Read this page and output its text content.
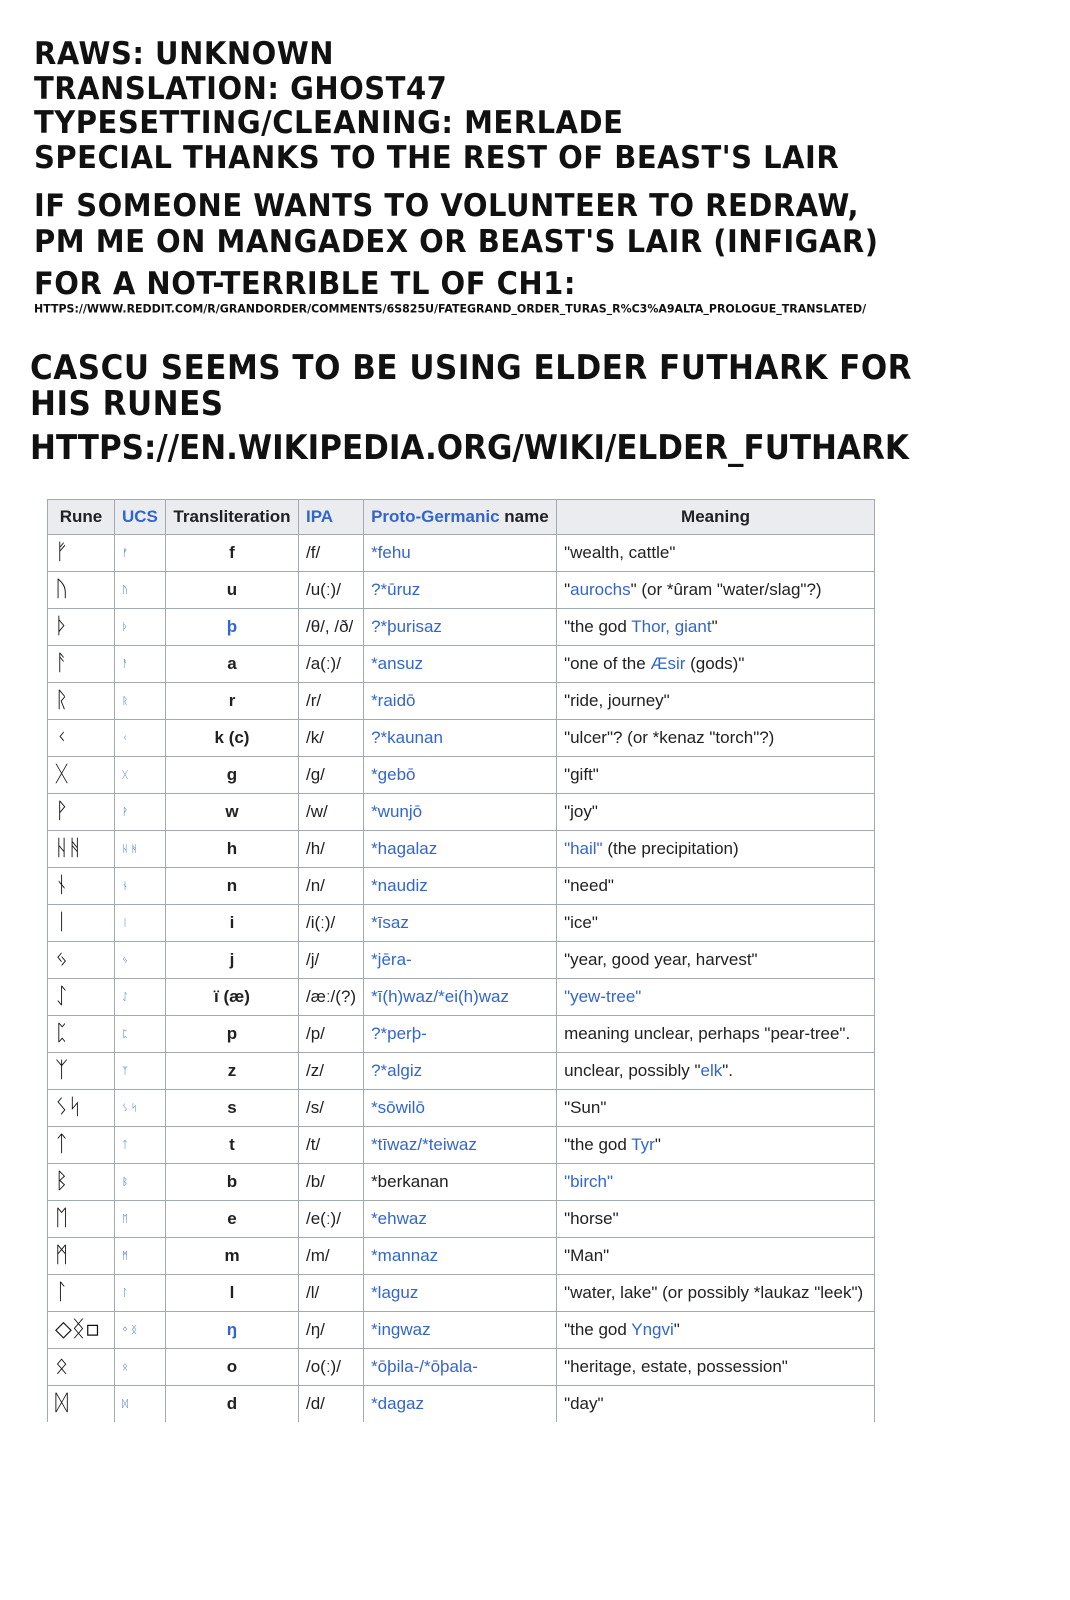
RAWS: UNKNOWN

TRANSLATION: GHOST47

TYPESETTING/CLEANING: MERLADE

SPECIAL THANKS TO THE REST OF BEAST'S LAIR

IF SOMEONE WANTS TO VOLUNTEER TO REDRAW,

PM ME ON MANGADEX OR BEAST'S LAIR (INFIGAR)

FOR A NOT-TERRIBLE TL OF CH1:

HTTPS://WWW.REDDIT.COM/R/GRANDORDER/COMMENTS/6S825U/FATEGRAND_ORDER_TURAS_R%C3%A9ALTA_PROLOGUE_TRANSLATED/

CASCU SEEMS TO BE USING ELDER FUTHARK FOR

HIS RUNES

HTTPS://EN.WIKIPEDIA.ORG/WIKI/ELDER_FUTHARK

Rune	UCS	Transliteration	IPA	Proto-Germanic name	Meaning
ᚠ	ᚠ	f	/f/	*fehu	"wealth, cattle"
ᚢ	ᚢ	u	/u(ː)/	?*ūruz	"aurochs" (or *ûram "water/slag"?)
ᚦ	ᚦ	þ	/θ/, /ð/	?*þurisaz	"the god Thor, giant"
ᚨ	ᚨ	a	/a(ː)/	*ansuz	"one of the Æsir (gods)"
ᚱ	ᚱ	r	/r/	*raidō	"ride, journey"
ᚲ	ᚲ	k (c)	/k/	?*kaunan	"ulcer"? (or *kenaz "torch"?)
ᚷ	ᚷ	g	/g/	*gebō	"gift"
ᚹ	ᚹ	w	/w/	*wunjō	"joy"
ᚺᚻ	ᚺ ᚻ	h	/h/	*hagalaz	"hail" (the precipitation)
ᚾ	ᚾ	n	/n/	*naudiz	"need"
ᛁ	ᛁ	i	/i(ː)/	*īsaz	"ice"
ᛃ	ᛃ	j	/j/	*jēra-	"year, good year, harvest"
ᛇ	ᛇ	ï (æ)	/æː/(?)	*ī(h)waz/*ei(h)waz	"yew-tree"
ᛈ	ᛈ	p	/p/	?*perþ-	meaning unclear, perhaps "pear-tree".
ᛉ	ᛉ	z	/z/	?*algiz	unclear, possibly "elk".
ᛊᛋ	ᛊ ᛋ	s	/s/	*sōwilō	"Sun"
ᛏ	ᛏ	t	/t/	*tīwaz/*teiwaz	"the god Tyr"
ᛒ	ᛒ	b	/b/	*berkanan	"birch"
ᛖ	ᛖ	e	/e(ː)/	*ehwaz	"horse"
ᛗ	ᛗ	m	/m/	*mannaz	"Man"
ᛚ	ᛚ	l	/l/	*laguz	"water, lake" (or possibly *laukaz "leek")
◇ᛝ▫	ᛜ ᛝ	ŋ	/ŋ/	*ingwaz	"the god Yngvi"
ᛟ	ᛟ	o	/o(ː)/	*ōþila-/*ōþala-	"heritage, estate, possession"
ᛞ	ᛞ	d	/d/	*dagaz	"day"
